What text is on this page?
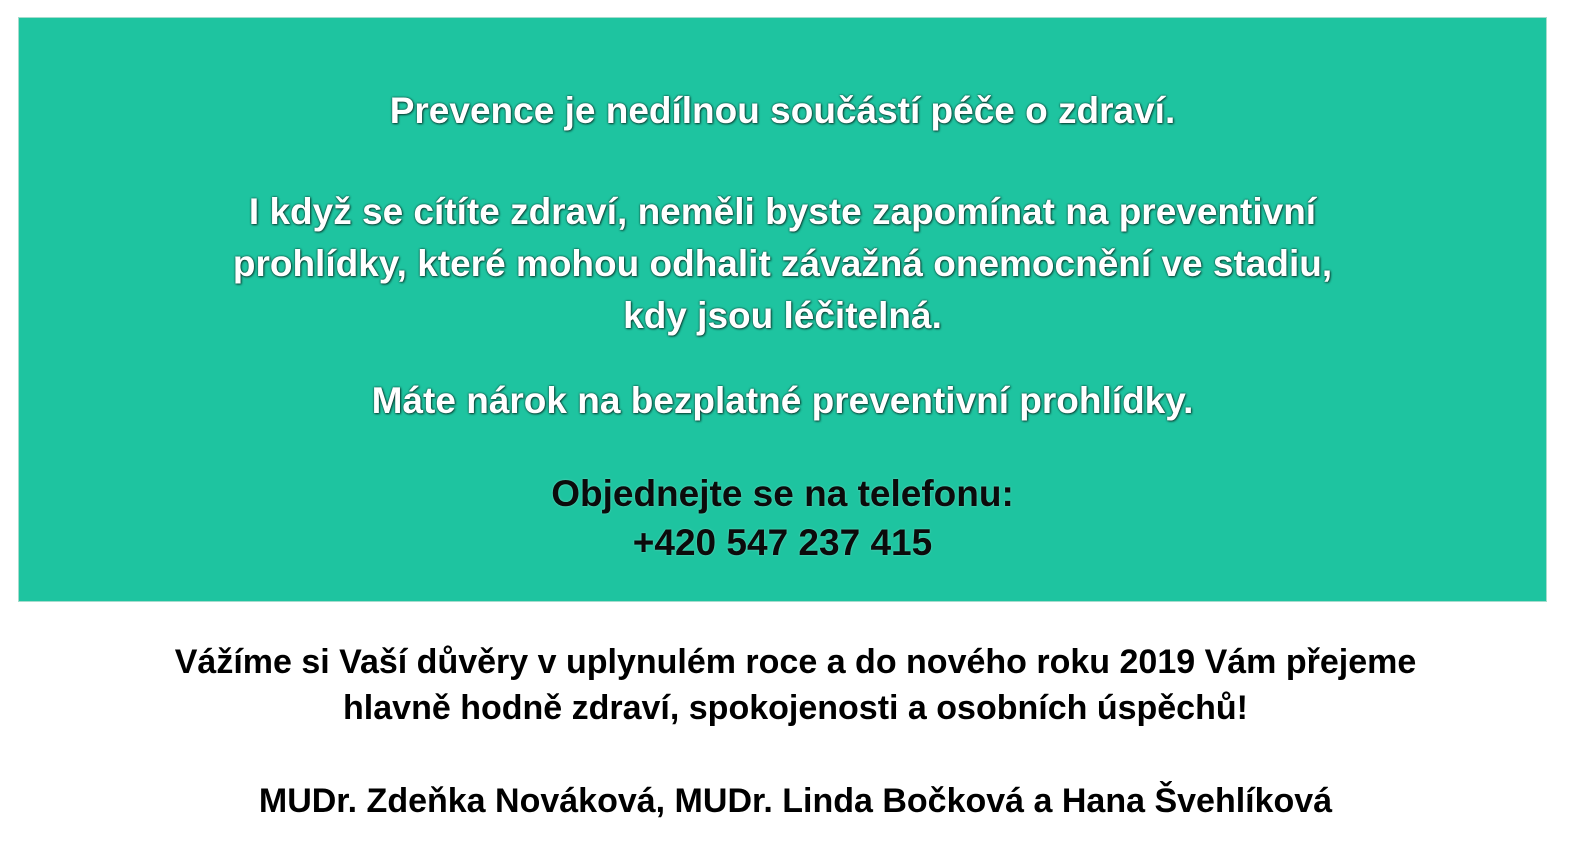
Prevence je nedílnou součástí péče o zdraví.
I když se cítíte zdraví, neměli byste zapomínat na preventivní
prohlídky, které mohou odhalit závažná onemocnění ve stadiu,
kdy jsou léčitelná.
Máte nárok na bezplatné preventivní prohlídky.
Objednejte se na telefonu:
+420 547 237 415
Vážíme si Vaší důvěry v uplynulém roce a do nového roku 2019 Vám přejeme
hlavně hodně zdraví, spokojenosti a osobních úspěchů!
MUDr. Zdeňka Nováková, MUDr. Linda Bočková a Hana Švehlíková
